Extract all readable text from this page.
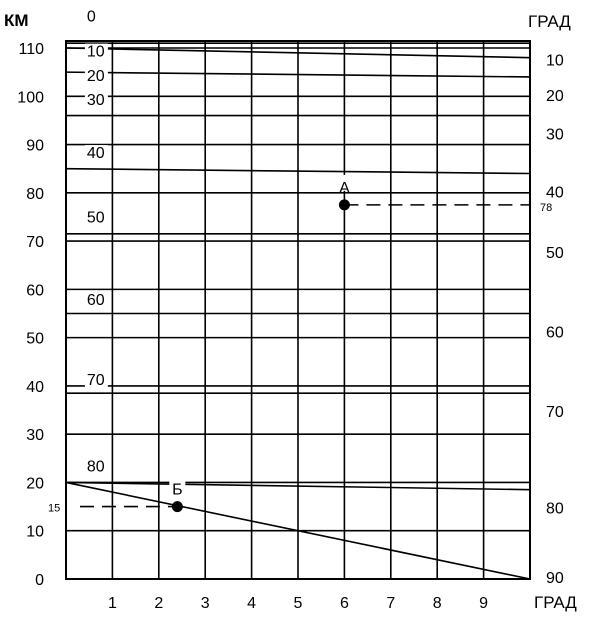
78
А
15
Б
КМ	ГРАД
ГРАД
0
10
20
30
40
50
60
70
80
90
100
110
1 2 3 4 5 6 7 8 9
0
10
20
30
40
50
60
70
80
10
20
30
40
50
60
70
80
90
